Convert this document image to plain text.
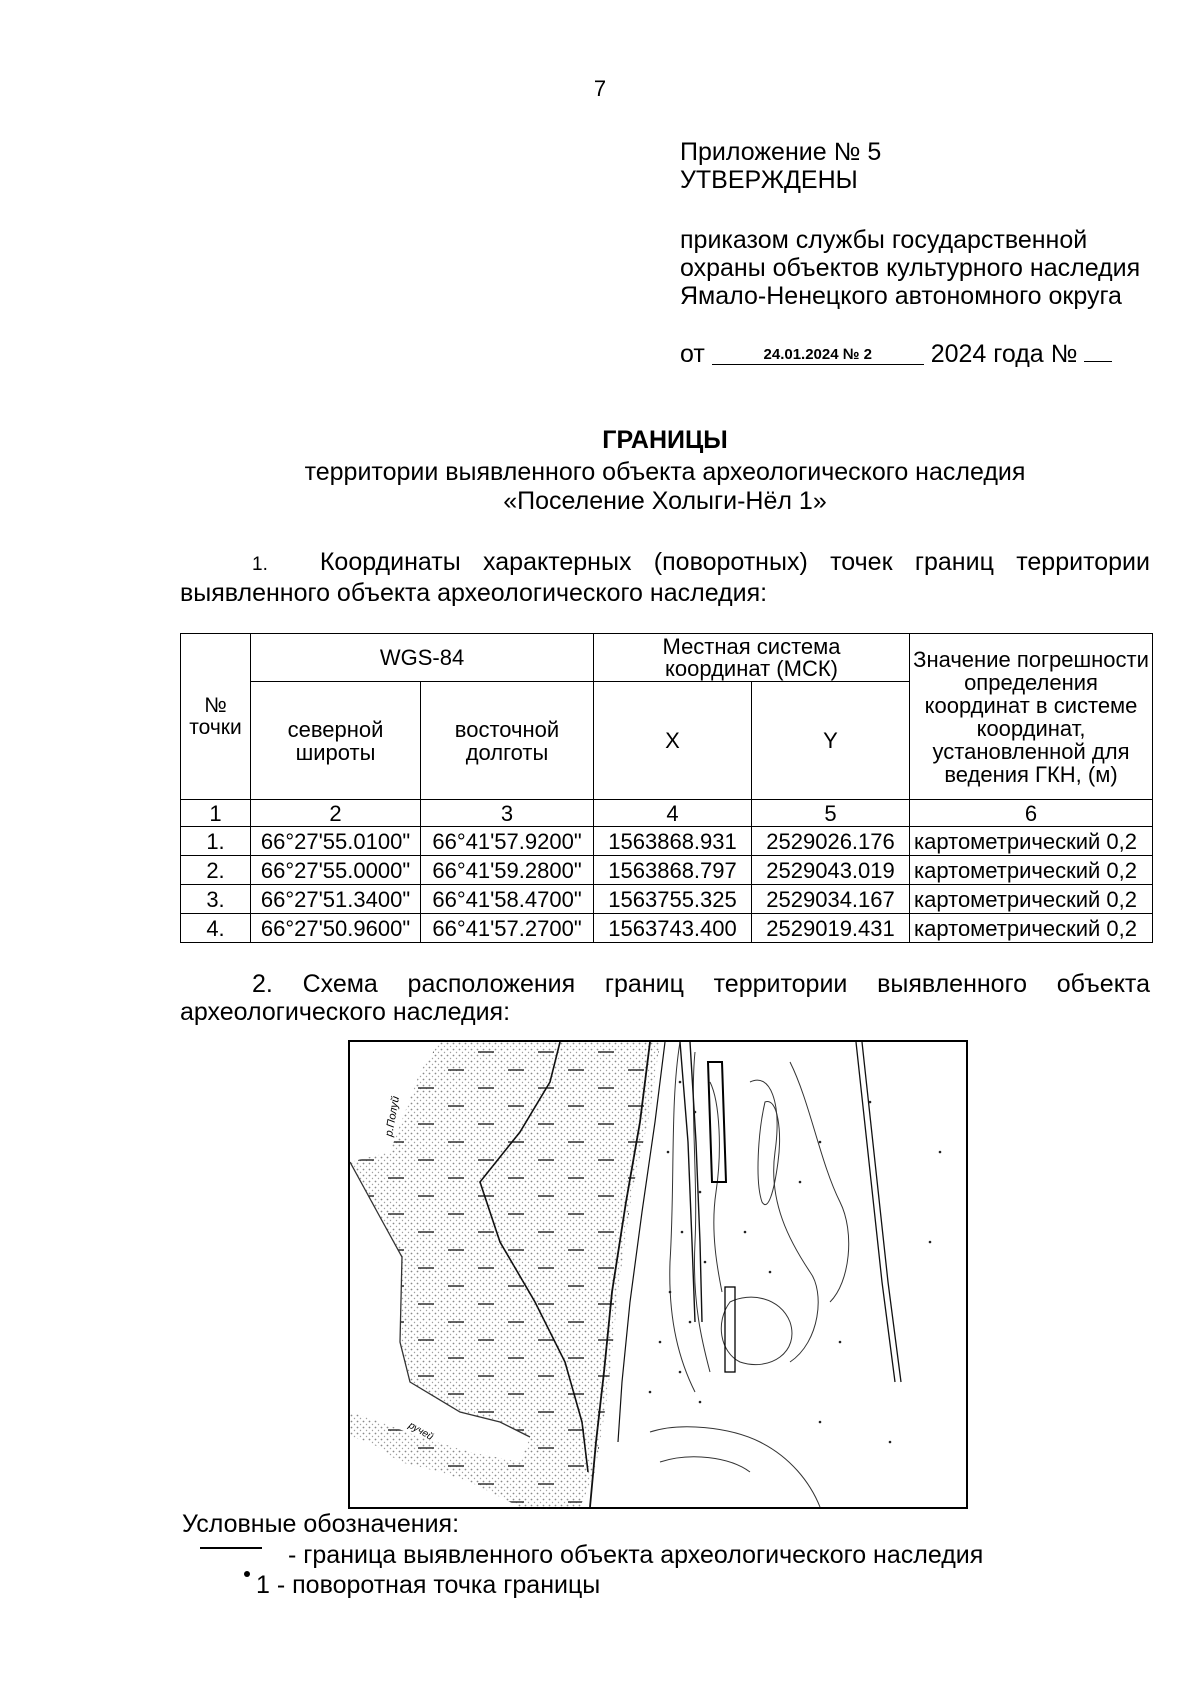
7
Приложение № 5
УТВЕРЖДЕНЫ
приказом службы государственной охраны объектов культурного наследия Ямало-Ненецкого автономного округа
от	24.01.2024 № 2 2024 года №
ГРАНИЦЫ
территории выявленного объекта археологического наследия
«Поселение Холыги-Нёл 1»
1. Координаты характерных (поворотных) точек границ территории выявленного объекта археологического наследия:
№ точки	WGS-84		Местная система координат (МСК)		Значение погрешности определения координат в системе координат, установленной для ведения ГКН, (м)
	северной широты	восточной долготы	X	Y	
1	2	3	4	5	6
1.	66°27'55.0100"	66°41'57.9200"	1563868.931	2529026.176	картометрический 0,2
2.	66°27'55.0000"	66°41'59.2800"	1563868.797	2529043.019	картометрический 0,2
3.	66°27'51.3400"	66°41'58.4700"	1563755.325	2529034.167	картометрический 0,2
4.	66°27'50.9600"	66°41'57.2700"	1563743.400	2529019.431	картометрический 0,2
2. Схема расположения границ территории выявленного объекта археологического наследия:
р.Полуй
ручей
Условные обозначения:
- граница выявленного объекта археологического наследия
1 - поворотная точка границы
